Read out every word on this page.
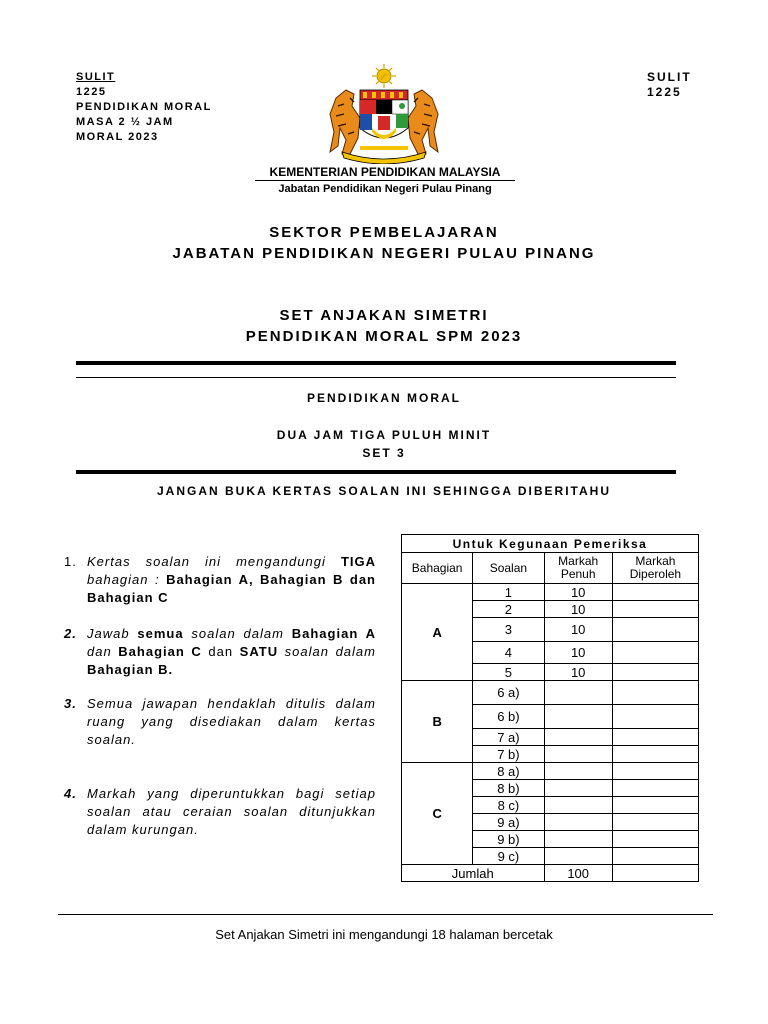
SULIT
1225
PENDIDIKAN MORAL
MASA 2 ½ JAM
MORAL 2023
SULIT
1225
KEMENTERIAN PENDIDIKAN MALAYSIA
Jabatan Pendidikan Negeri Pulau Pinang
SEKTOR PEMBELAJARAN
JABATAN PENDIDIKAN NEGERI PULAU PINANG
SET ANJAKAN SIMETRI
PENDIDIKAN MORAL SPM 2023
PENDIDIKAN MORAL
DUA JAM TIGA PULUH MINIT
SET 3
JANGAN BUKA KERTAS SOALAN INI SEHINGGA DIBERITAHU
1. Kertas soalan ini mengandungi TIGA bahagian : Bahagian A, Bahagian B dan Bahagian C
2. Jawab semua soalan dalam Bahagian A dan Bahagian C dan SATU soalan dalam Bahagian B.
3. Semua jawapan hendaklah ditulis dalam ruang yang disediakan dalam kertas soalan.
4. Markah yang diperuntukkan bagi setiap soalan atau ceraian soalan ditunjukkan dalam kurungan.
Untuk Kegunaan Pemeriksa			
Bahagian	Soalan	Markah Penuh	Markah Diperoleh
A	1	10	
	2	10	
	3	10	
	4	10	
	5	10	
B	6 a)		
	6 b)		
	7 a)		
	7 b)		
C	8 a)		
	8 b)		
	8 c)		
	9 a)		
	9 b)		
	9 c)		
Jumlah		100	
Set Anjakan Simetri ini mengandungi 18 halaman bercetak
